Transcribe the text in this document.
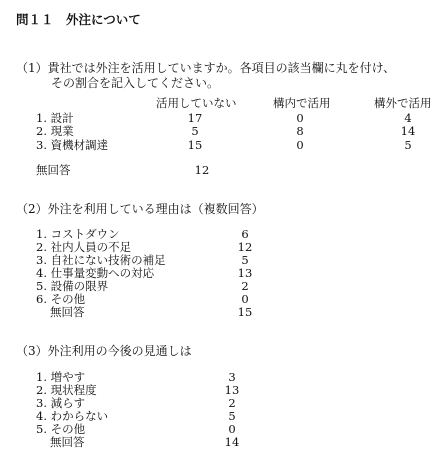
問１１　外注について
（1）貴社では外注を活用していますか。各項目の該当欄に丸を付け、
その割合を記入してください。
活用していない	構内で活用	構外で活用
1. 設計	17	0	4
2. 現業	5	8	14
3. 資機材調達	15	0	5
無回答	12
（2）外注を利用している理由は（複数回答）
1. コストダウン	6
2. 社内人員の不足	12
3. 自社にない技術の補足	5
4. 仕事量変動への対応	13
5. 設備の限界	2
6. その他	0
無回答	15
（3）外注利用の今後の見通しは
1. 増やす	3
2. 現状程度	13
3. 減らす	2
4. わからない	5
5. その他	0
無回答	14
